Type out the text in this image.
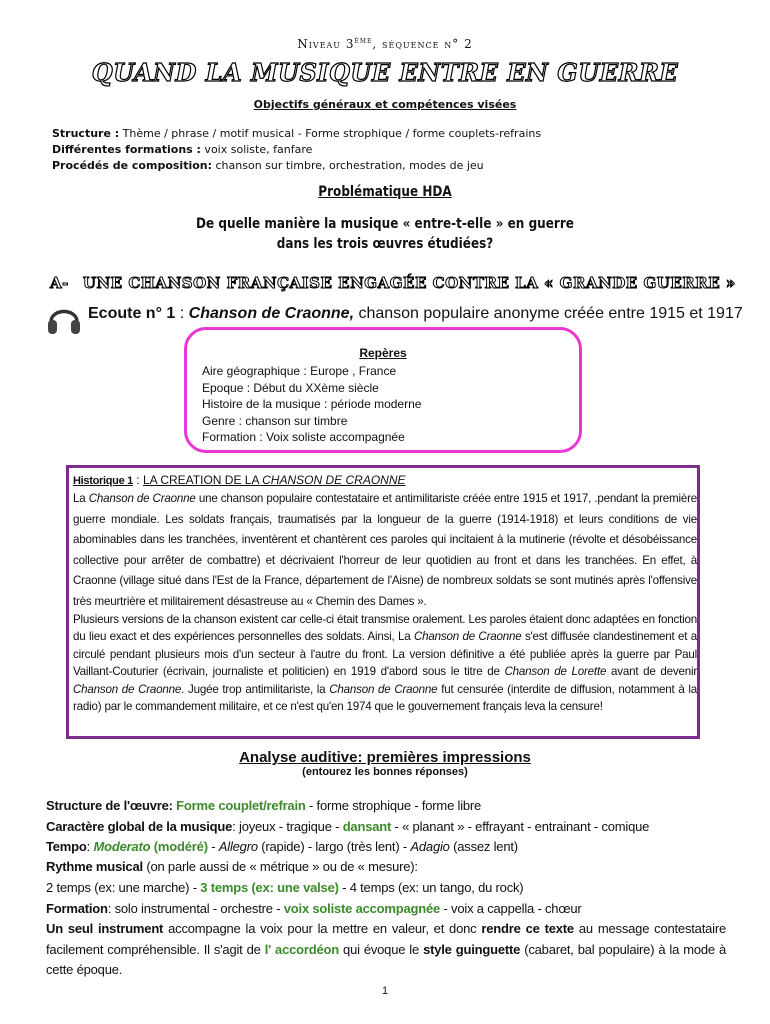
Niveau 3ème, séquence n° 2
QUAND LA MUSIQUE ENTRE EN GUERRE
Objectifs généraux et compétences visées
Structure : Thème / phrase / motif musical - Forme strophique / forme couplets-refrains
Différentes formations : voix soliste, fanfare
Procédés de composition: chanson sur timbre, orchestration, modes de jeu
Problématique HDA
De quelle manière la musique « entre-t-elle » en guerre
dans les trois œuvres étudiées?
A- UNE CHANSON FRANÇAISE ENGAGÉE CONTRE LA « GRANDE GUERRE »
Ecoute n° 1 : Chanson de Craonne, chanson populaire anonyme créée entre 1915 et 1917
Repères
Aire géographique : Europe , France
Epoque : Début du XXème siècle
Histoire de la musique : période moderne
Genre : chanson sur timbre
Formation : Voix soliste accompagnée
Historique 1 : LA CREATION DE LA CHANSON DE CRAONNE

La Chanson de Craonne une chanson populaire contestataire et antimilitariste créée entre 1915 et 1917, .pendant la première guerre mondiale. Les soldats français, traumatisés par la longueur de la guerre (1914-1918) et leurs conditions de vie abominables dans les tranchées, inventèrent et chantèrent ces paroles qui incitaient à la mutinerie (révolte et désobéissance collective pour arrêter de combattre) et décrivaient l'horreur de leur quotidien au front et dans les tranchées. En effet, à Craonne (village situé dans l'Est de la France, département de l'Aisne) de nombreux soldats se sont mutinés après l'offensive très meurtrière et militairement désastreuse au « Chemin des Dames ».

Plusieurs versions de la chanson existent car celle-ci était transmise oralement. Les paroles étaient donc adaptées en fonction du lieu exact et des expériences personnelles des soldats. Ainsi, La Chanson de Craonne s'est diffusée clandestinement et a circulé pendant plusieurs mois d'un secteur à l'autre du front. La version définitive a été publiée après la guerre par Paul Vaillant-Couturier (écrivain, journaliste et politicien) en 1919 d'abord sous le titre de Chanson de Lorette avant de devenir Chanson de Craonne. Jugée trop antimilitariste, la Chanson de Craonne fut censurée (interdite de diffusion, notamment à la radio) par le commandement militaire, et ce n'est qu'en 1974 que le gouvernement français leva la censure!

Analyse auditive: premières impressions
(entourez les bonnes réponses)
Structure de l'œuvre: Forme couplet/refrain - forme strophique - forme libre
Caractère global de la musique: joyeux - tragique - dansant - « planant » - effrayant - entrainant - comique
Tempo: Moderato (modéré) - Allegro (rapide) - largo (très lent) - Adagio (assez lent)
Rythme musical (on parle aussi de « métrique » ou de « mesure):
2 temps (ex: une marche) - 3 temps (ex: une valse) - 4 temps (ex: un tango, du rock)
Formation: solo instrumental - orchestre - voix soliste accompagnée - voix a cappella - chœur
Un seul instrument accompagne la voix pour la mettre en valeur, et donc rendre ce texte au message contestataire facilement compréhensible. Il s'agit de l' accordéon qui évoque le style guinguette (cabaret, bal populaire) à la mode à cette époque.
1
